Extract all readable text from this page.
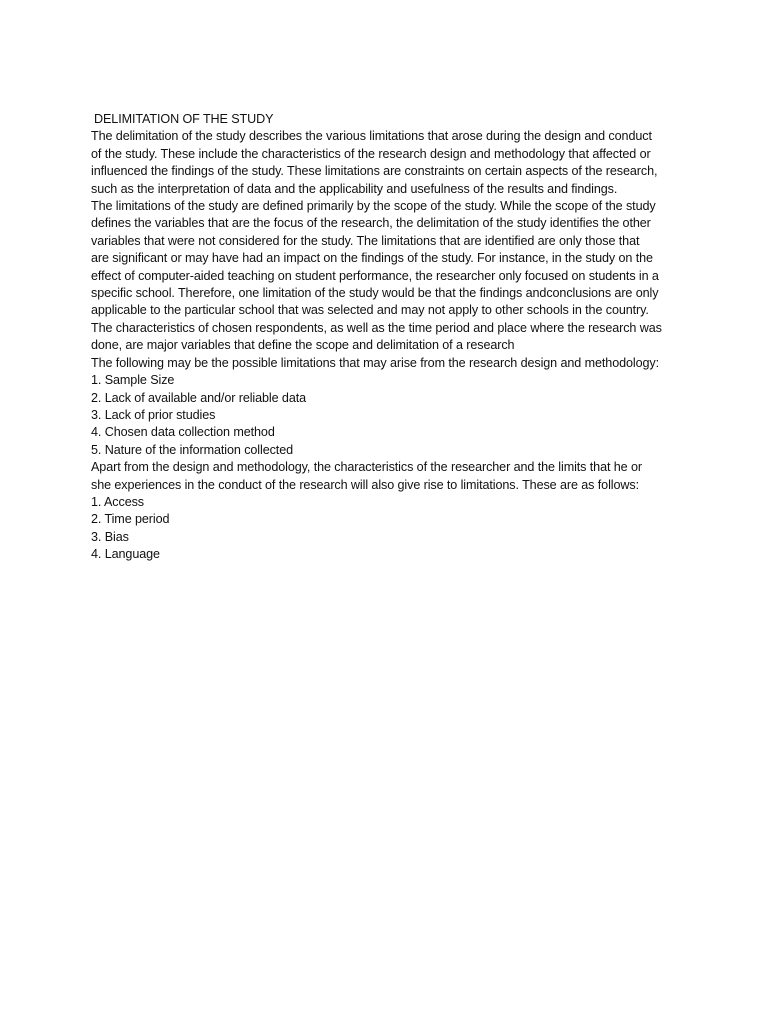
DELIMITATION OF THE STUDY

The delimitation of the study describes the various limitations that arose during the design and conduct

of the study. These include the characteristics of the research design and methodology that affected or

influenced the findings of the study. These limitations are constraints on certain aspects of the research,

such as the interpretation of data and the applicability and usefulness of the results and findings.

The limitations of the study are defined primarily by the scope of the study. While the scope of the study

defines the variables that are the focus of the research, the delimitation of the study identifies the other

variables that were not considered for the study. The limitations that are identified are only those that

are significant or may have had an impact on the findings of the study. For instance, in the study on the

effect of computer-aided teaching on student performance, the researcher only focused on students in a

specific school. Therefore, one limitation of the study would be that the findings andconclusions are only

applicable to the particular school that was selected and may not apply to other schools in the country.

The characteristics of chosen respondents, as well as the time period and place where the research was

done, are major variables that define the scope and delimitation of a research

The following may be the possible limitations that may arise from the research design and methodology:

1. Sample Size

2. Lack of available and/or reliable data

3. Lack of prior studies

4. Chosen data collection method

5. Nature of the information collected

Apart from the design and methodology, the characteristics of the researcher and the limits that he or

she experiences in the conduct of the research will also give rise to limitations. These are as follows:

1. Access

2. Time period

3. Bias

4. Language
